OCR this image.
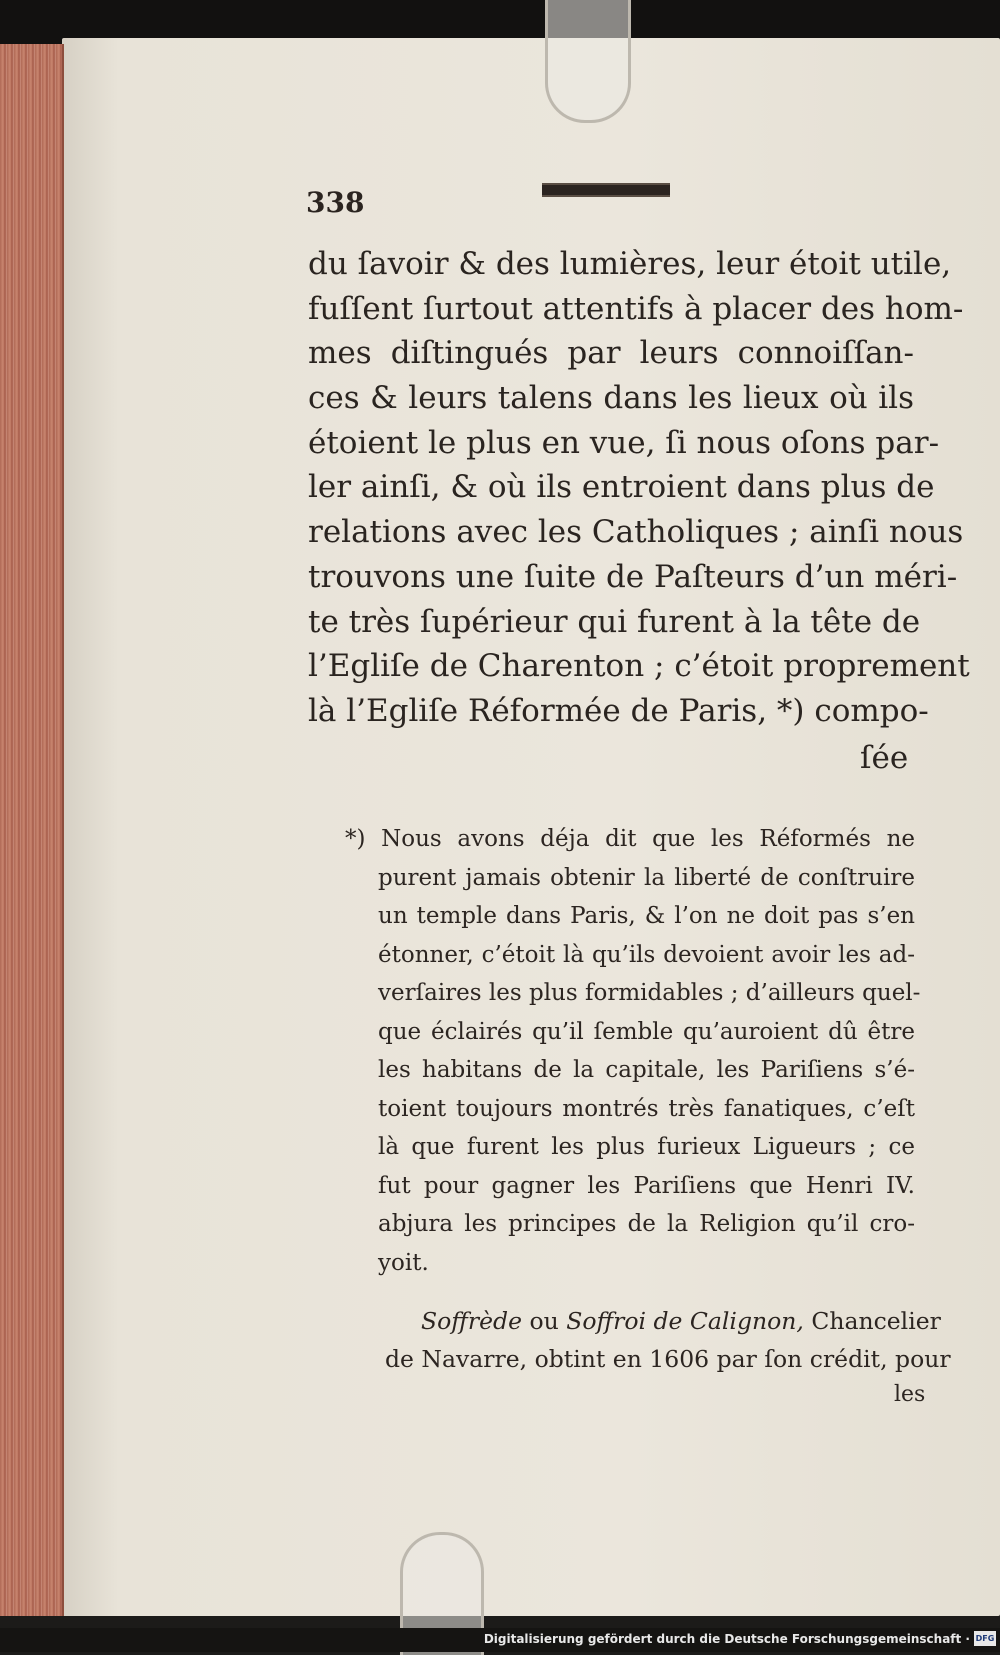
338
du ſavoir & des lumières, leur étoit utile,
fuſſent ſurtout attentifs à placer des hom-
mes diſtingués par leurs connoiſſan-
ces & leurs talens dans les lieux où ils
étoient le plus en vue, ſi nous oſons par-
ler ainſi, & où ils entroient dans plus de
relations avec les Catholiques ; ainſi nous
trouvons une ſuite de Paſteurs d’un méri-
te très ſupérieur qui furent à la tête de
l’Egliſe de Charenton ; c’étoit proprement
là l’Egliſe Réformée de Paris, *) compo-
ſée
*) Nous avons déja dit que les Réformés ne
purent jamais obtenir la liberté de conſtruire
un temple dans Paris, & l’on ne doit pas s’en
étonner, c’étoit là qu’ils devoient avoir les ad-
verſaires les plus formidables ; d’ailleurs quel-
que éclairés qu’il ſemble qu’auroient dû être
les habitans de la capitale, les Pariſiens s’é-
toient toujours montrés très fanatiques, c’eſt
là que furent les plus furieux Ligueurs ; ce
fut pour gagner les Pariſiens que Henri IV.
abjura les principes de la Religion qu’il cro-
yoit.
Soffrède ou Soffroi de Calignon, Chancelier
de Navarre, obtint en 1606 par ſon crédit, pour
les
Digitalisierung gefördert durch die Deutsche Forschungsgemeinschaft · DFG
